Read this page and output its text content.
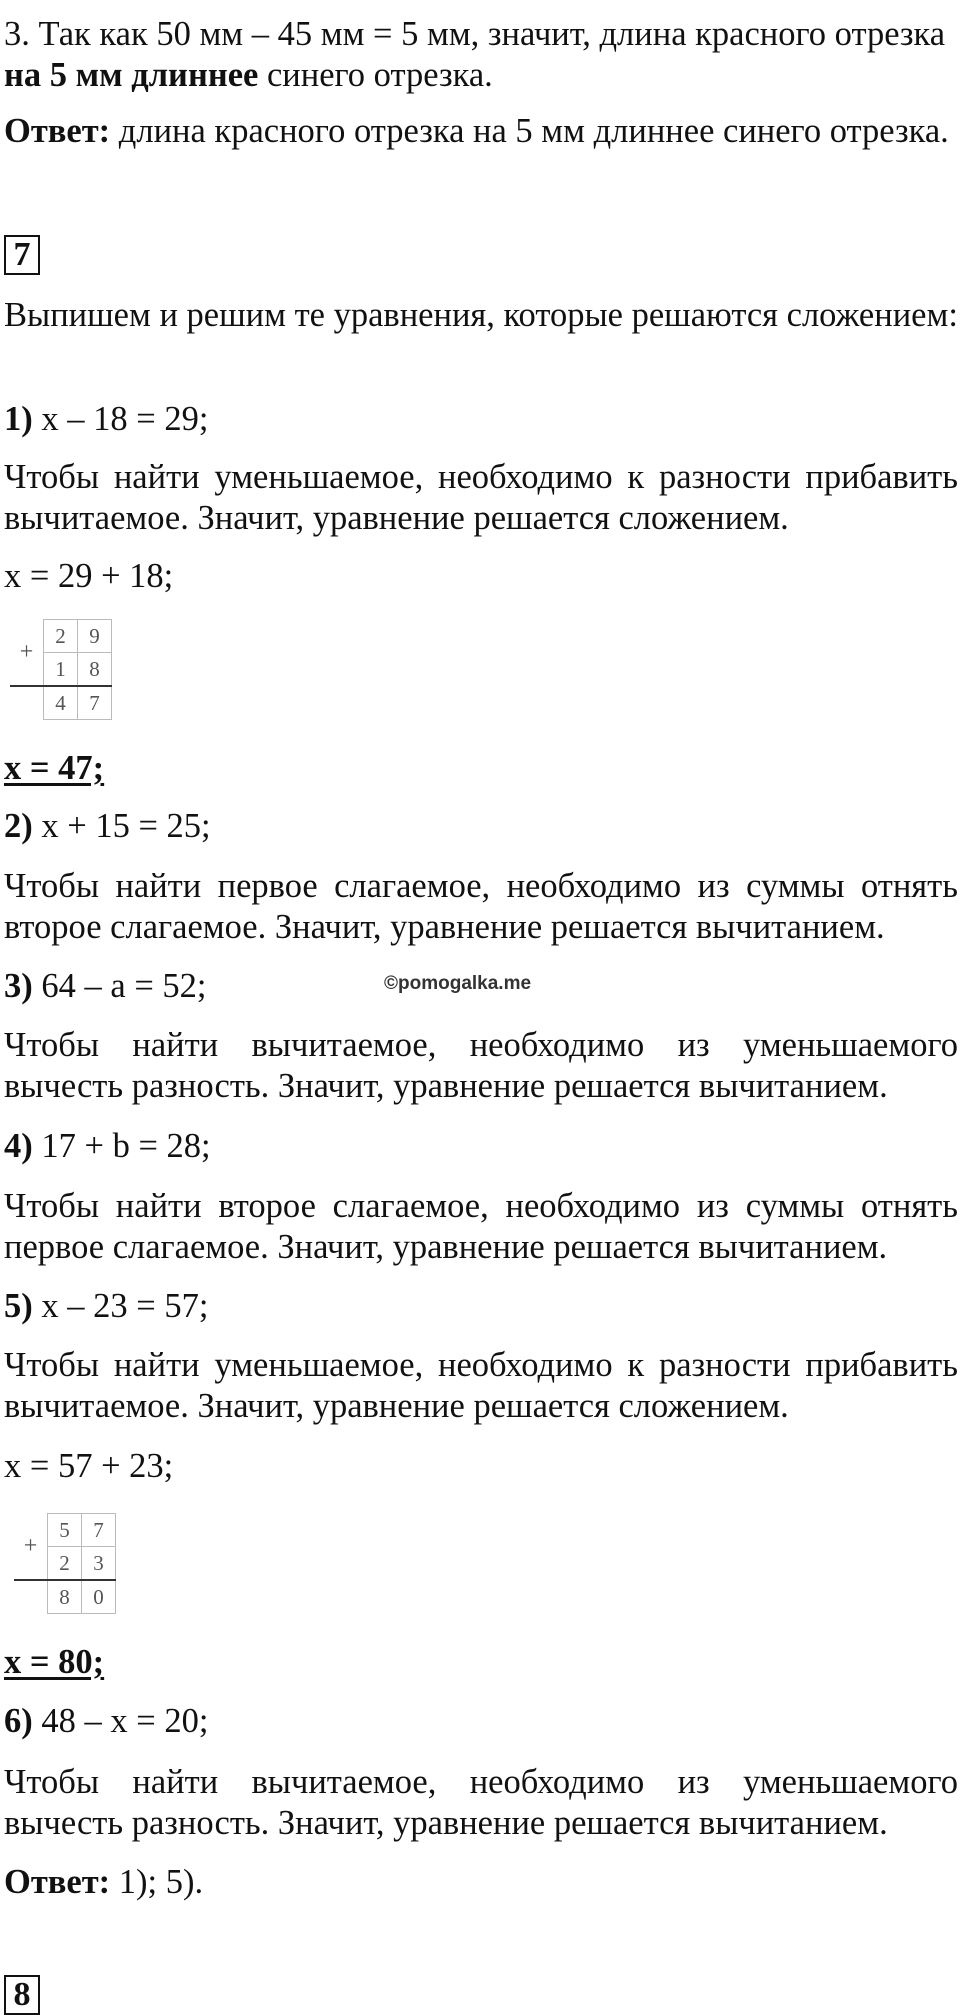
3. Так как 50 мм – 45 мм = 5 мм, значит, длина красного отрезка
на 5 мм длиннее синего отрезка.

Ответ: длина красного отрезка на 5 мм длиннее синего отрезка.

7

Выпишем и решим те уравнения, которые решаются сложением:

1) x – 18 = 29;

Чтобы найти уменьшаемое, необходимо к разности прибавить вычитаемое. Значит, уравнение решается сложением.

x = 29 + 18;

+	2	9
	1	8
	4	7

x = 47;

2) x + 15 = 25;

Чтобы найти первое слагаемое, необходимо из суммы отнять второе слагаемое. Значит, уравнение решается вычитанием.

3) 64 – a = 52;	©pomogalka.me

Чтобы найти вычитаемое, необходимо из уменьшаемого вычесть разность. Значит, уравнение решается вычитанием.

4) 17 + b = 28;

Чтобы найти второе слагаемое, необходимо из суммы отнять первое слагаемое. Значит, уравнение решается вычитанием.

5) x – 23 = 57;

Чтобы найти уменьшаемое, необходимо к разности прибавить вычитаемое. Значит, уравнение решается сложением.

x = 57 + 23;

+	5	7
	2	3
	8	0

x = 80;

6) 48 – x = 20;

Чтобы найти вычитаемое, необходимо из уменьшаемого вычесть разность. Значит, уравнение решается вычитанием.

Ответ: 1); 5).

8
